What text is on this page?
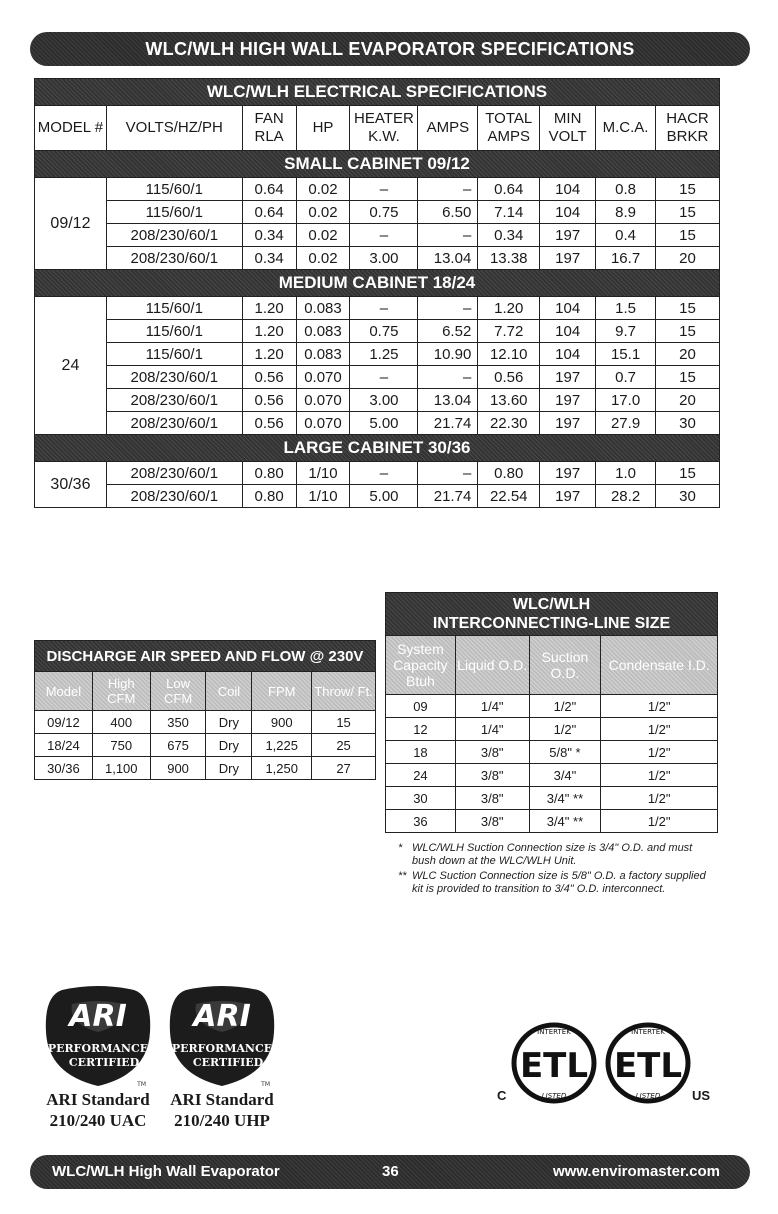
WLC/WLH HIGH WALL EVAPORATOR SPECIFICATIONS
WLC/WLH ELECTRICAL SPECIFICATIONS									
MODEL #	VOLTS/HZ/PH	FAN RLA	HP	HEATER K.W.	AMPS	TOTAL AMPS	MIN VOLT	M.C.A.	HACR BRKR
SMALL CABINET 09/12									
09/12	115/60/1	0.64	0.02	–	–	0.64	104	0.8	15
	115/60/1	0.64	0.02	0.75	6.50	7.14	104	8.9	15
	208/230/60/1	0.34	0.02	–	–	0.34	197	0.4	15
	208/230/60/1	0.34	0.02	3.00	13.04	13.38	197	16.7	20
MEDIUM CABINET 18/24									
24	115/60/1	1.20	0.083	–	–	1.20	104	1.5	15
	115/60/1	1.20	0.083	0.75	6.52	7.72	104	9.7	15
	115/60/1	1.20	0.083	1.25	10.90	12.10	104	15.1	20
	208/230/60/1	0.56	0.070	–	–	0.56	197	0.7	15
	208/230/60/1	0.56	0.070	3.00	13.04	13.60	197	17.0	20
	208/230/60/1	0.56	0.070	5.00	21.74	22.30	197	27.9	30
LARGE CABINET 30/36									
30/36	208/230/60/1	0.80	1/10	–	–	0.80	197	1.0	15
	208/230/60/1	0.80	1/10	5.00	21.74	22.54	197	28.2	30
DISCHARGE AIR SPEED AND FLOW @ 230V					
Model	High CFM	Low CFM	Coil	FPM	Throw/ Ft.
09/12	400	350	Dry	900	15
18/24	750	675	Dry	1,225	25
30/36	1,100	900	Dry	1,250	27
WLC/WLH
INTERCONNECTING-LINE SIZE			

System Capacity Btuh	Liquid O.D.	Suction O.D.	Condensate I.D.
09	1/4"	1/2"	1/2"
12	1/4"	1/2"	1/2"
18	3/8"	5/8" *	1/2"
24	3/8"	3/4"	1/2"
30	3/8"	3/4" **	1/2"
36	3/8"	3/4" **	1/2"
* WLC/WLH Suction Connection size is 3/4" O.D. and must bush down at the WLC/WLH Unit.
** WLC Suction Connection size is 5/8" O.D. a factory supplied kit is provided to transition to 3/4" O.D. interconnect.
ARI
PERFORMANCE
CERTIFIED
TM
ARI Standard
210/240 UAC
ARI
PERFORMANCE
CERTIFIED
TM
ARI Standard
210/240 UHP
ETL
INTERTEK
LISTED
ETL
INTERTEK
LISTED
C	US
WLC/WLH High Wall Evaporator	36	www.enviromaster.com
